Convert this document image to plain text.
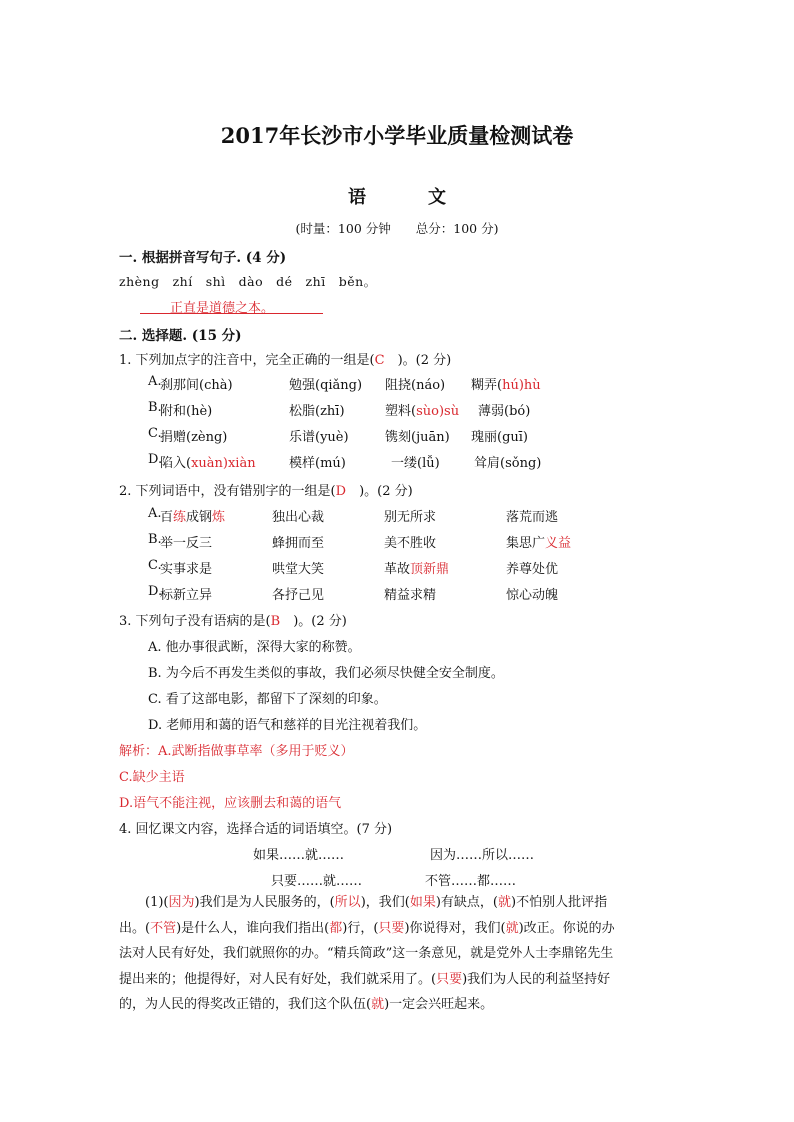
2017年长沙市小学毕业质量检测试卷
语　文
(时量：100 分钟　　总分：100 分)
一. 根据拼音写句子. (4 分)
zhèng　zhí　shì　dào　dé　zhī　běn。
正直是道德之本。
二. 选择题. (15 分)
1. 下列加点字的注音中，完全正确的一组是(C　 )。(2 分)
A.
刹那间(chà)	勉强(qiǎng) 阻挠(náo) 糊弄(hú)hù
B.
附和(hè)	松脂(zhī)	塑料(sùo)sù 薄弱(bó)
C.
捐赠(zèng)	乐谱(yuè)	镌刻(juān) 瑰丽(guī)
D.
陷入(xuàn)xiàn	模样(mú)	一缕(lǚ)	耸肩(sǒng)
2. 下列词语中，没有错别字的一组是(D　 )。(2 分)
A.
百练成钢炼	独出心裁	别无所求	落荒而逃
B.
举一反三	蜂拥而至	美不胜收	集思广义益
C.
实事求是	哄堂大笑	革故顶新鼎	养尊处优
D.
标新立异	各抒己见	精益求精	惊心动魄
3. 下列句子没有语病的是(B　 )。(2 分)
A. 他办事很武断，深得大家的称赞。
B. 为今后不再发生类似的事故，我们必须尽快健全安全制度。
C. 看了这部电影，都留下了深刻的印象。
D. 老师用和蔼的语气和慈祥的目光注视着我们。
解析：A.武断指做事草率（多用于贬义）
C.缺少主语
D.语气不能注视，应该删去和蔼的语气
4. 回忆课文内容，选择合适的词语填空。(7 分)
如果……就……	因为……所以……
只要……就……	不管……都……
(1)(因为)我们是为人民服务的，(所以)，我们(如果)有缺点，(就)不怕别人批评指出。(不管)是什么人，谁向我们指出(都)行，(只要)你说得对，我们(就)改正。你说的办法对人民有好处，我们就照你的办。“精兵简政”这一条意见，就是党外人士李鼎铭先生提出来的；他提得好，对人民有好处，我们就采用了。(只要)我们为人民的利益坚持好的，为人民的得奖改正错的，我们这个队伍(就)一定会兴旺起来。
